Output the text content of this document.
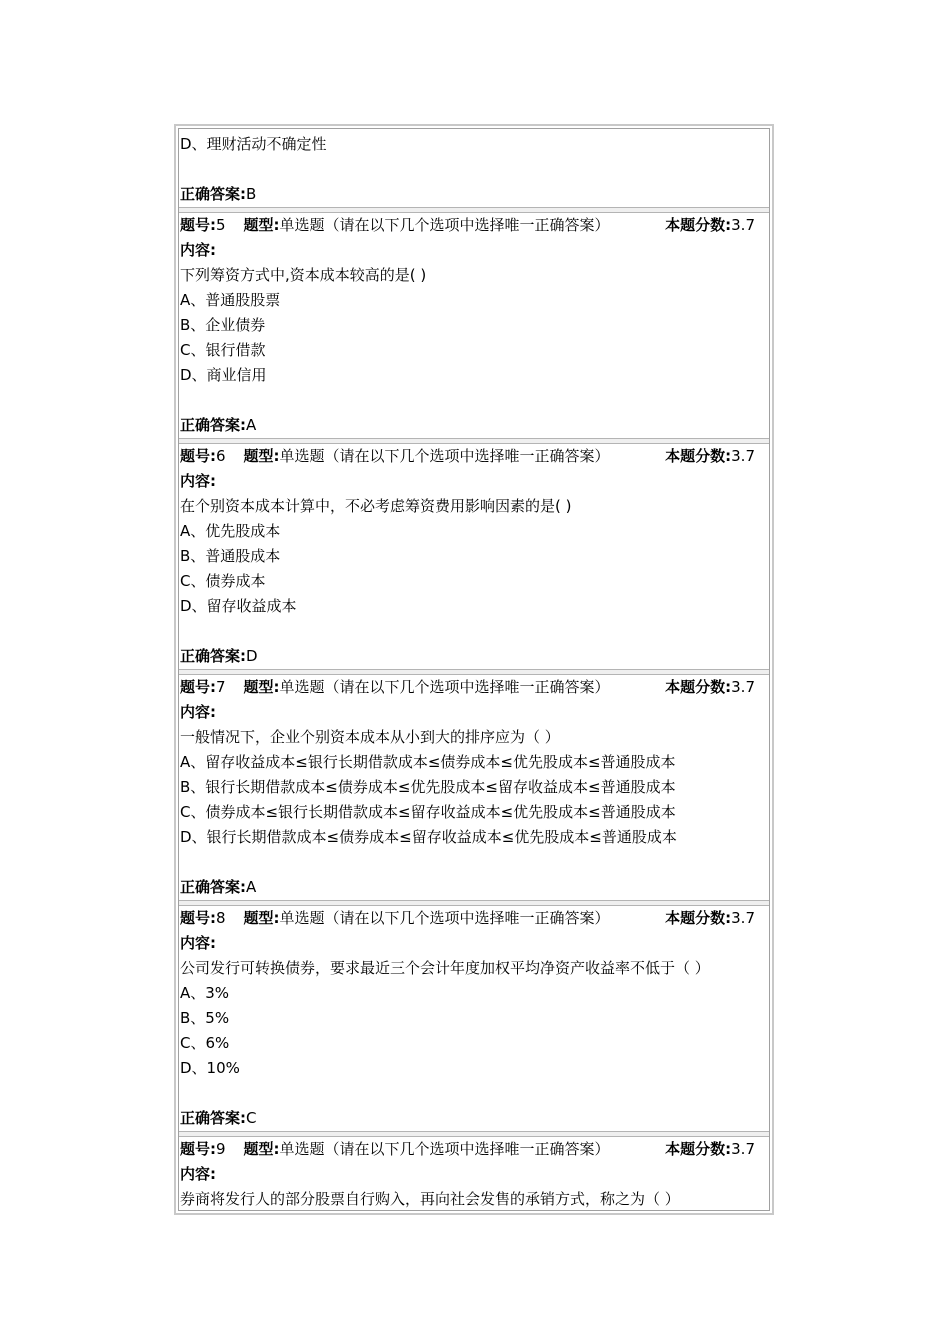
D、理财活动不确定性
正确答案:B
题号:5 题型:单选题（请在以下几个选项中选择唯一正确答案）	本题分数:3.7
内容:
下列筹资方式中,资本成本较高的是( )
A、普通股股票
B、企业债券
C、银行借款
D、商业信用
正确答案:A
题号:6 题型:单选题（请在以下几个选项中选择唯一正确答案）	本题分数:3.7
内容:
在个别资本成本计算中，不必考虑筹资费用影响因素的是( )
A、优先股成本
B、普通股成本
C、债券成本
D、留存收益成本
正确答案:D
题号:7 题型:单选题（请在以下几个选项中选择唯一正确答案）	本题分数:3.7
内容:
一般情况下，企业个别资本成本从小到大的排序应为（ ）
A、留存收益成本≤银行长期借款成本≤债券成本≤优先股成本≤普通股成本
B、银行长期借款成本≤债券成本≤优先股成本≤留存收益成本≤普通股成本
C、债券成本≤银行长期借款成本≤留存收益成本≤优先股成本≤普通股成本
D、银行长期借款成本≤债券成本≤留存收益成本≤优先股成本≤普通股成本
正确答案:A
题号:8 题型:单选题（请在以下几个选项中选择唯一正确答案）	本题分数:3.7
内容:
公司发行可转换债券，要求最近三个会计年度加权平均净资产收益率不低于（ ）
A、3%
B、5%
C、6%
D、10%
正确答案:C
题号:9 题型:单选题（请在以下几个选项中选择唯一正确答案）	本题分数:3.7
内容:
券商将发行人的部分股票自行购入，再向社会发售的承销方式，称之为（ ）
